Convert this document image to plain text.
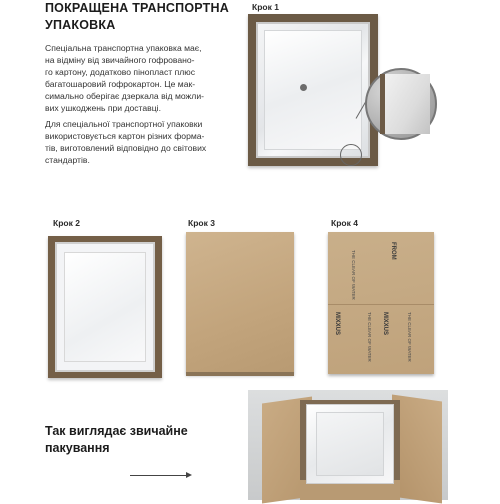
ПОКРАЩЕНА ТРАНСПОРТНА
УПАКОВКА
Спеціальна транспортна упаковка має,
на відміну від звичайного гофровано-
го картону, додатково пінопласт плюс
багатошаровий гофрокартон. Це мак-
симально оберігає дзеркала від можли-
вих ушкоджень при доставці.
Для спеціальної транспортної упаковки
використовується картон різних форма-
тів, виготовлений відповідно до світових
стандартів.
Крок 1
Крок 2	Крок 3	Крок 4
FROM
MIXXUS
MIXXUS
THE CLEAR OF WATER
THE CLEAR OF WATER	THE CLEAR OF WATER
Так виглядає звичайне
пакування
